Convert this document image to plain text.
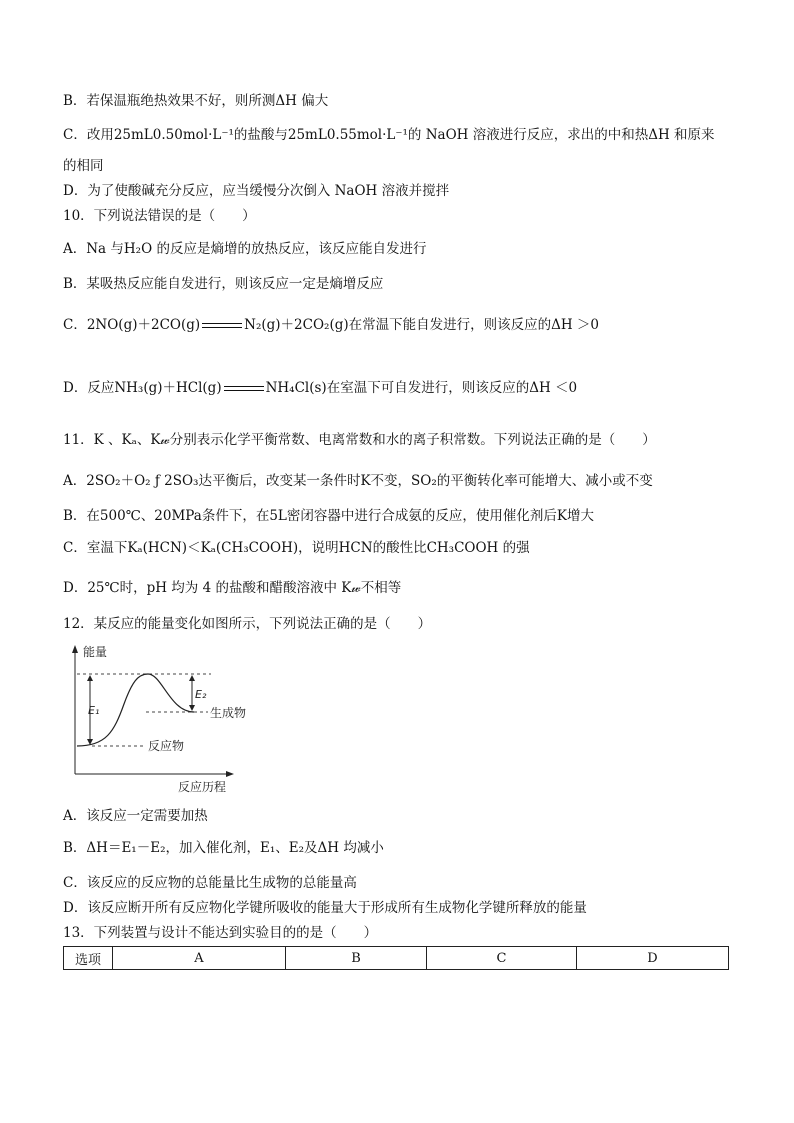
B．若保温瓶绝热效果不好，则所测ΔH 偏大
C．改用25mL0.50mol·L⁻¹的盐酸与25mL0.55mol·L⁻¹的 NaOH 溶液进行反应，求出的中和热ΔH 和原来
的相同
D．为了使酸碱充分反应，应当缓慢分次倒入 NaOH 溶液并搅拌
10．下列说法错误的是（　　）
A．Na 与H₂O 的反应是熵增的放热反应，该反应能自发进行
B．某吸热反应能自发进行，则该反应一定是熵增反应
C．2NO(g)＋2CO(g)	N₂(g)＋2CO₂(g)在常温下能自发进行，则该反应的ΔH ＞0
D．反应NH₃(g)＋HCl(g)	NH₄Cl(s)在室温下可自发进行，则该反应的ΔH ＜0
11．K 、Kₐ、K𝓌分别表示化学平衡常数、电离常数和水的离子积常数。下列说法正确的是（　　）
A．2SO₂＋O₂ ƒ 2SO₃达平衡后，改变某一条件时K不变，SO₂的平衡转化率可能增大、减小或不变
B．在500℃、20MPa条件下，在5L密闭容器中进行合成氨的反应，使用催化剂后K增大
C．室温下Kₐ(HCN)＜Kₐ(CH₃COOH)，说明HCN的酸性比CH₃COOH 的强
D．25℃时，pH 均为 4 的盐酸和醋酸溶液中 K𝓌不相等
12．某反应的能量变化如图所示，下列说法正确的是（　　）
能量
反应历程
E₁
E₂
生成物
反应物
A．该反应一定需要加热
B．ΔH＝E₁－E₂，加入催化剂，E₁、E₂及ΔH 均减小
C．该反应的反应物的总能量比生成物的总能量高
D．该反应断开所有反应物化学键所吸收的能量大于形成所有生成物化学键所释放的能量
13．下列装置与设计不能达到实验目的的是（　　）
选项	A	B	C	D
